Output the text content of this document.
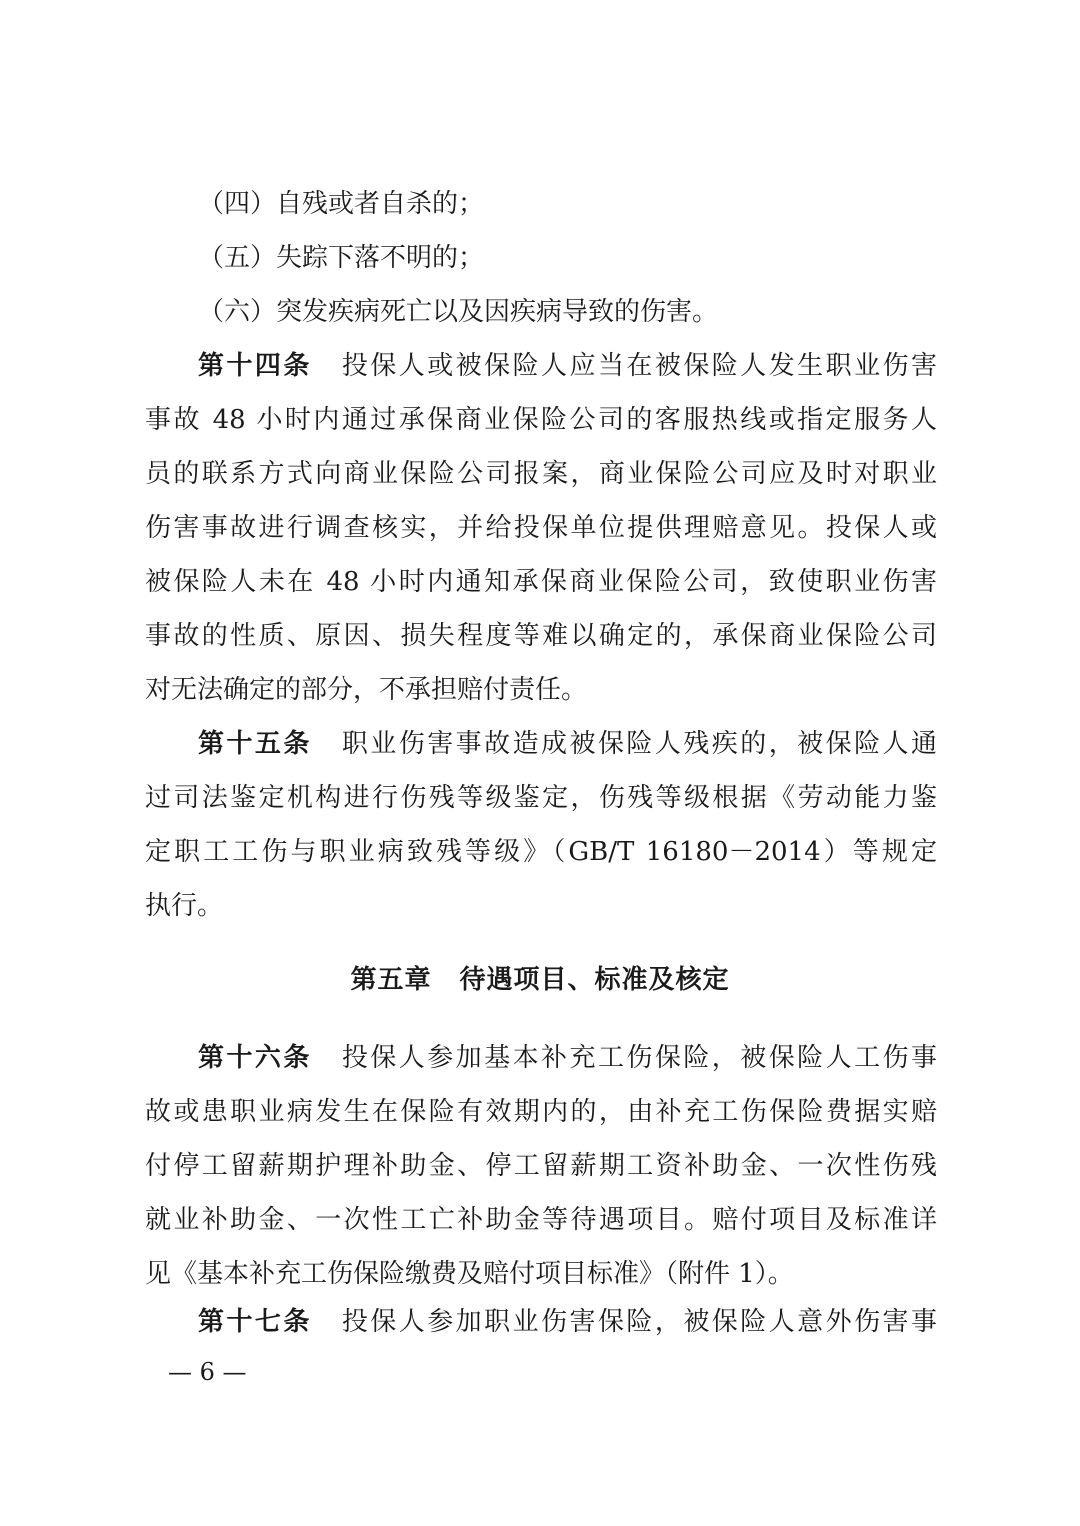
（四）自残或者自杀的；
（五）失踪下落不明的；
（六）突发疾病死亡以及因疾病导致的伤害。
第十四条 投保人或被保险人应当在被保险人发生职业伤害
事故 48 小时内通过承保商业保险公司的客服热线或指定服务人
员的联系方式向商业保险公司报案，商业保险公司应及时对职业
伤害事故进行调查核实，并给投保单位提供理赔意见。投保人或
被保险人未在 48 小时内通知承保商业保险公司，致使职业伤害
事故的性质、原因、损失程度等难以确定的，承保商业保险公司
对无法确定的部分，不承担赔付责任。
第十五条 职业伤害事故造成被保险人残疾的，被保险人通
过司法鉴定机构进行伤残等级鉴定，伤残等级根据《劳动能力鉴
定职工工伤与职业病致残等级》（GB/T 16180－2014）等规定
执行。
第五章 待遇项目、标准及核定
第十六条 投保人参加基本补充工伤保险，被保险人工伤事
故或患职业病发生在保险有效期内的，由补充工伤保险费据实赔
付停工留薪期护理补助金、停工留薪期工资补助金、一次性伤残
就业补助金、一次性工亡补助金等待遇项目。赔付项目及标准详
见《基本补充工伤保险缴费及赔付项目标准》（附件 1）。
第十七条 投保人参加职业伤害保险，被保险人意外伤害事
— 6 —
